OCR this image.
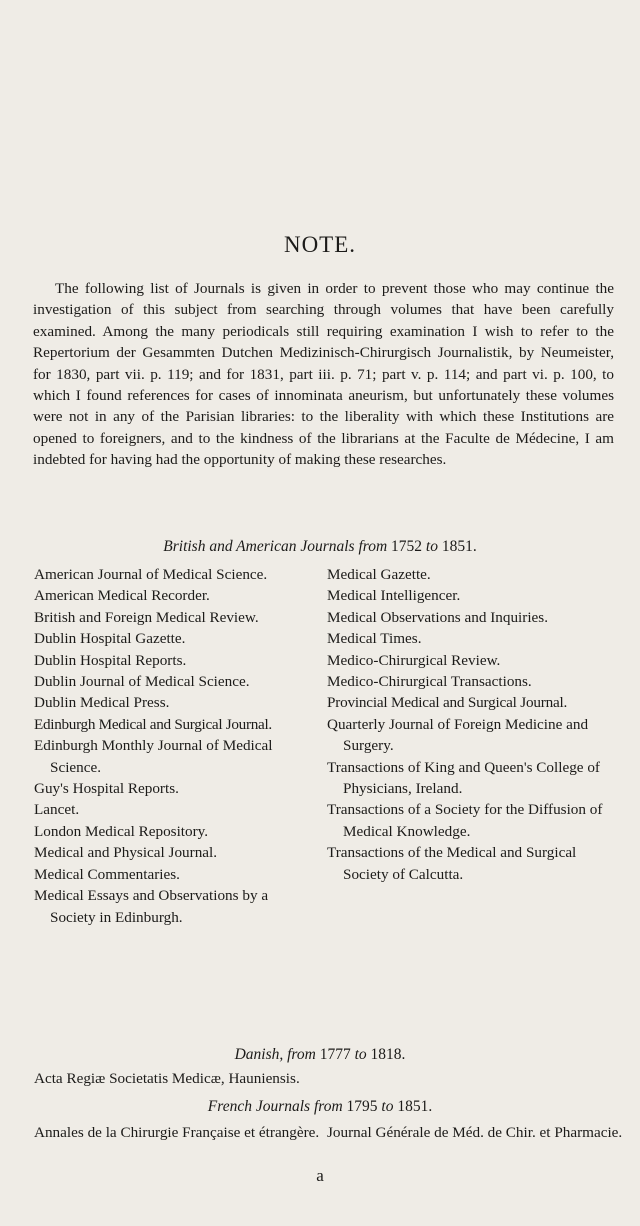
NOTE.

The following list of Journals is given in order to prevent those who may continue the investigation of this subject from searching through volumes that have been carefully examined. Among the many periodicals still requiring examination I wish to refer to the Repertorium der Gesammten Dutchen Medizinisch-Chirurgisch Journalistik, by Neumeister, for 1830, part vii. p. 119; and for 1831, part iii. p. 71; part v. p. 114; and part vi. p. 100, to which I found references for cases of innominata aneurism, but unfortunately these volumes were not in any of the Parisian libraries: to the liberality with which these Institutions are opened to foreigners, and to the kindness of the librarians at the Faculte de Médecine, I am indebted for having had the opportunity of making these researches.

British and American Journals from 1752 to 1851.
American Journal of Medical Science.
American Medical Recorder.
British and Foreign Medical Review.
Dublin Hospital Gazette.
Dublin Hospital Reports.
Dublin Journal of Medical Science.
Dublin Medical Press.
Edinburgh Medical and Surgical Journal.
Edinburgh Monthly Journal of Medical Science.
Guy's Hospital Reports.
Lancet.
London Medical Repository.
Medical and Physical Journal.
Medical Commentaries.
Medical Essays and Observations by a Society in Edinburgh.
Medical Gazette.
Medical Intelligencer.
Medical Observations and Inquiries.
Medical Times.
Medico-Chirurgical Review.
Medico-Chirurgical Transactions.
Provincial Medical and Surgical Journal.
Quarterly Journal of Foreign Medicine and Surgery.
Transactions of King and Queen's College of Physicians, Ireland.
Transactions of a Society for the Diffusion of Medical Knowledge.
Transactions of the Medical and Surgical Society of Calcutta.
Danish, from 1777 to 1818.

Acta Regiæ Societatis Medicæ, Hauniensis.

French Journals from 1795 to 1851.

Annales de la Chirurgie Française et étrangère. Journal Générale de Méd. de Chir. et Pharmacie.

a
